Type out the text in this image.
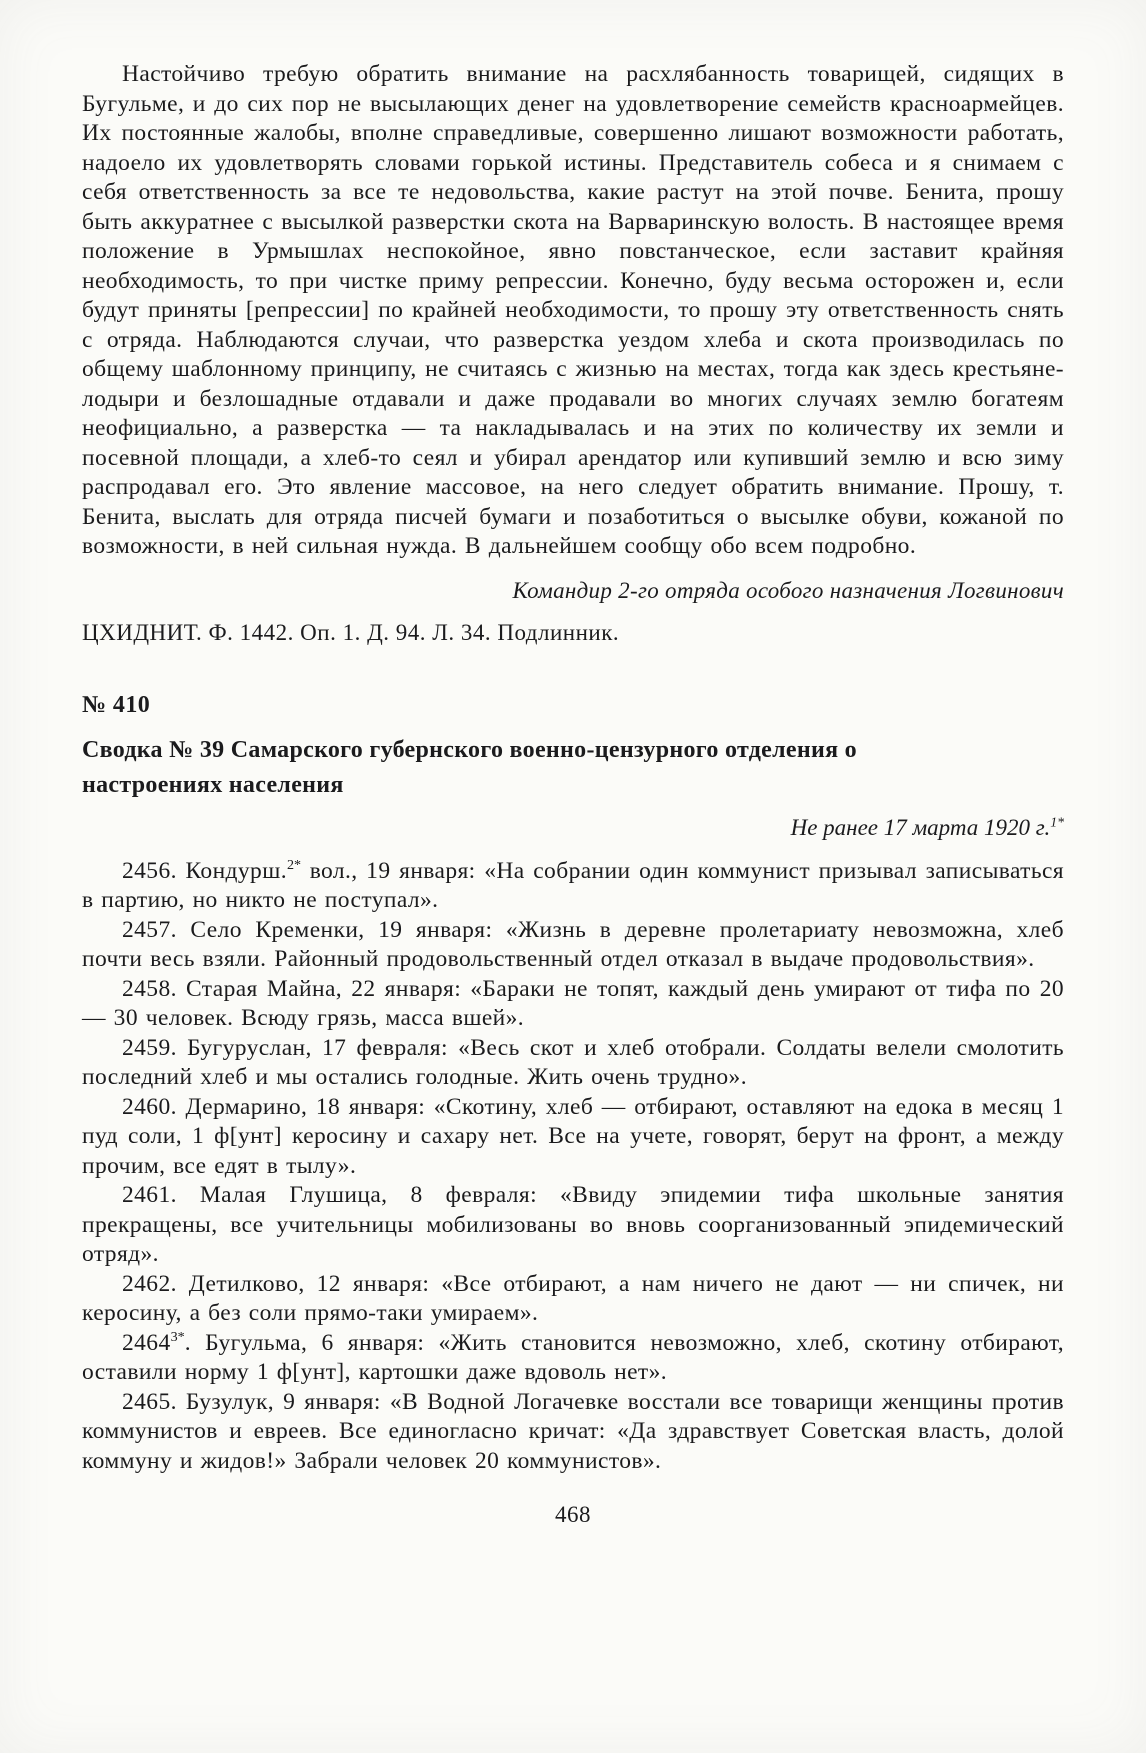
Настойчиво требую обратить внимание на расхлябанность товарищей, сидящих в Бугульме, и до сих пор не высылающих денег на удовлетворение семейств красноармейцев. Их постоянные жалобы, вполне справедливые, совершенно лишают возможности работать, надоело их удовлетворять словами горькой истины. Представитель собеса и я снимаем с себя ответственность за все те недовольства, какие растут на этой почве. Бенита, прошу быть аккуратнее с высылкой разверстки скота на Варваринскую волость. В настоящее время положение в Урмышлах неспокойное, явно повстанческое, если заставит крайняя необходимость, то при чистке приму репрессии. Конечно, буду весьма осторожен и, если будут приняты [репрессии] по крайней необходимости, то прошу эту ответственность снять с отряда. Наблюдаются случаи, что разверстка уездом хлеба и скота производилась по общему шаблонному принципу, не считаясь с жизнью на местах, тогда как здесь крестьяне-лодыри и безлошадные отдавали и даже продавали во многих случаях землю богатеям неофициально, а разверстка — та накладывалась и на этих по количеству их земли и посевной площади, а хлеб-то сеял и убирал арендатор или купивший землю и всю зиму распродавал его. Это явление массовое, на него следует обратить внимание. Прошу, т. Бенита, выслать для отряда писчей бумаги и позаботиться о высылке обуви, кожаной по возможности, в ней сильная нужда. В дальнейшем сообщу обо всем подробно.

Командир 2-го отряда особого назначения Логвинович

ЦХИДНИТ. Ф. 1442. Оп. 1. Д. 94. Л. 34. Подлинник.

№ 410

Сводка № 39 Самарского губернского военно-цензурного отделения о настроениях населения

Не ранее 17 марта 1920 г.$^{1*}$

2456. Кондурш.$^{2*}$ вол., 19 января: «На собрании один коммунист призывал записываться в партию, но никто не поступал».

2457. Село Кременки, 19 января: «Жизнь в деревне пролетариату невозможна, хлеб почти весь взяли. Районный продовольственный отдел отказал в выдаче продовольствия».

2458. Старая Майна, 22 января: «Бараки не топят, каждый день умирают от тифа по 20 — 30 человек. Всюду грязь, масса вшей».

2459. Бугуруслан, 17 февраля: «Весь скот и хлеб отобрали. Солдаты велели смолотить последний хлеб и мы остались голодные. Жить очень трудно».

2460. Дермарино, 18 января: «Скотину, хлеб — отбирают, оставляют на едока в месяц 1 пуд соли, 1 ф[унт] керосину и сахару нет. Все на учете, говорят, берут на фронт, а между прочим, все едят в тылу».

2461. Малая Глушица, 8 февраля: «Ввиду эпидемии тифа школьные занятия прекращены, все учительницы мобилизованы во вновь соорганизованный эпидемический отряд».

2462. Детилково, 12 января: «Все отбирают, а нам ничего не дают — ни спичек, ни керосину, а без соли прямо-таки умираем».

$2464^{3*}$. Бугульма, 6 января: «Жить становится невозможно, хлеб, скотину отбирают, оставили норму 1 ф[унт], картошки даже вдоволь нет».

2465. Бузулук, 9 января: «В Водной Логачевке восстали все товарищи женщины против коммунистов и евреев. Все единогласно кричат: «Да здравствует Советская власть, долой коммуну и жидов!» Забрали человек 20 коммунистов».

468
